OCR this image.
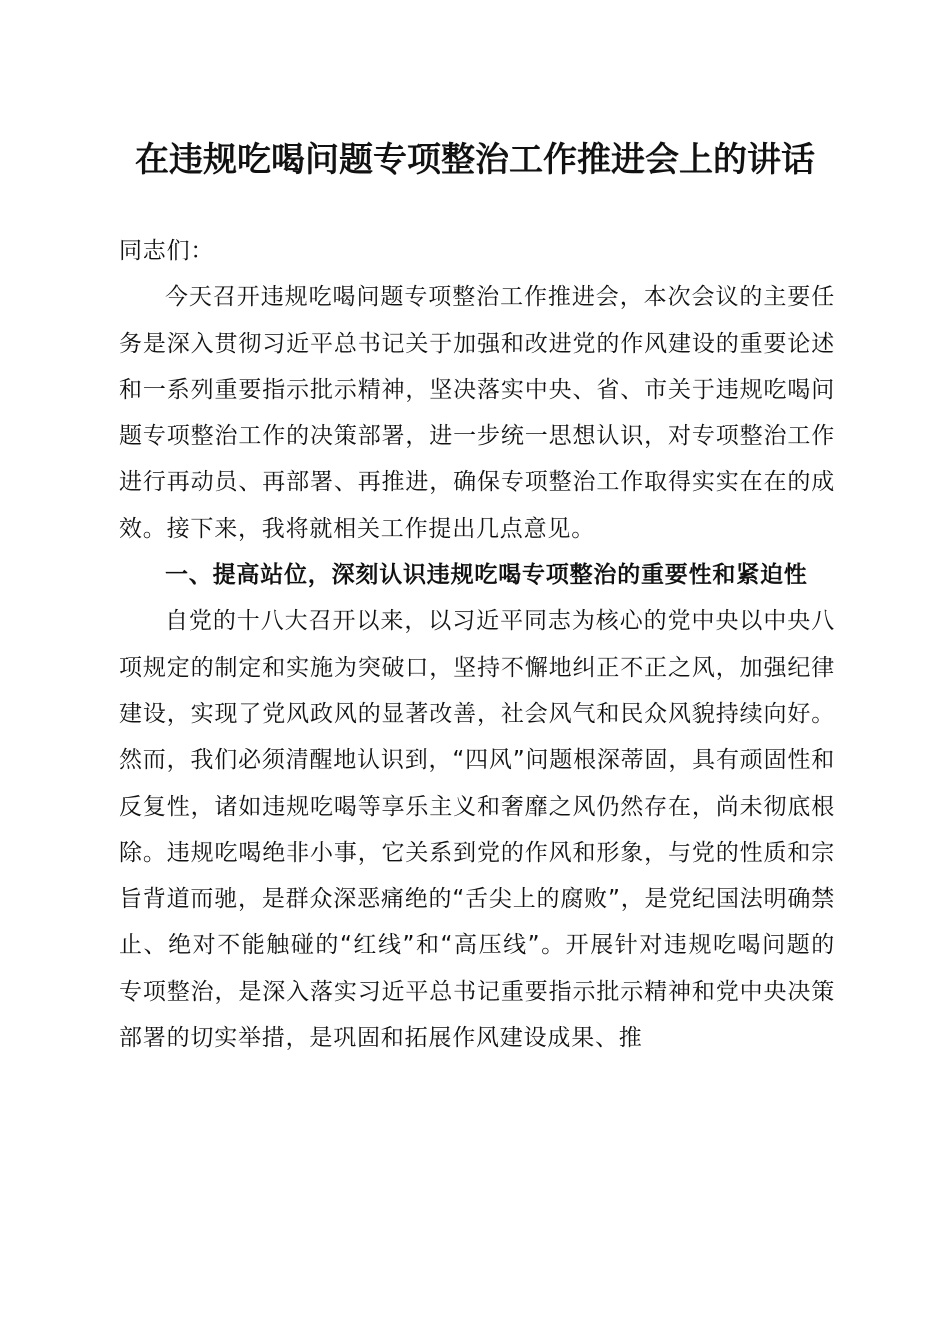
在违规吃喝问题专项整治工作推进会上的讲话

同志们：

今天召开违规吃喝问题专项整治工作推进会，本次会议的主要任务是深入贯彻习近平总书记关于加强和改进党的作风建设的重要论述和一系列重要指示批示精神，坚决落实中央、省、市关于违规吃喝问题专项整治工作的决策部署，进一步统一思想认识，对专项整治工作进行再动员、再部署、再推进，确保专项整治工作取得实实在在的成效。接下来，我将就相关工作提出几点意见。

一、提高站位，深刻认识违规吃喝专项整治的重要性和紧迫性

自党的十八大召开以来，以习近平同志为核心的党中央以中央八项规定的制定和实施为突破口，坚持不懈地纠正不正之风，加强纪律建设，实现了党风政风的显著改善，社会风气和民众风貌持续向好。然而，我们必须清醒地认识到，“四风”问题根深蒂固，具有顽固性和反复性，诸如违规吃喝等享乐主义和奢靡之风仍然存在，尚未彻底根除。违规吃喝绝非小事，它关系到党的作风和形象，与党的性质和宗旨背道而驰，是群众深恶痛绝的“舌尖上的腐败”，是党纪国法明确禁止、绝对不能触碰的“红线”和“高压线”。开展针对违规吃喝问题的专项整治，是深入落实习近平总书记重要指示批示精神和党中央决策部署的切实举措，是巩固和拓展作风建设成果、推
